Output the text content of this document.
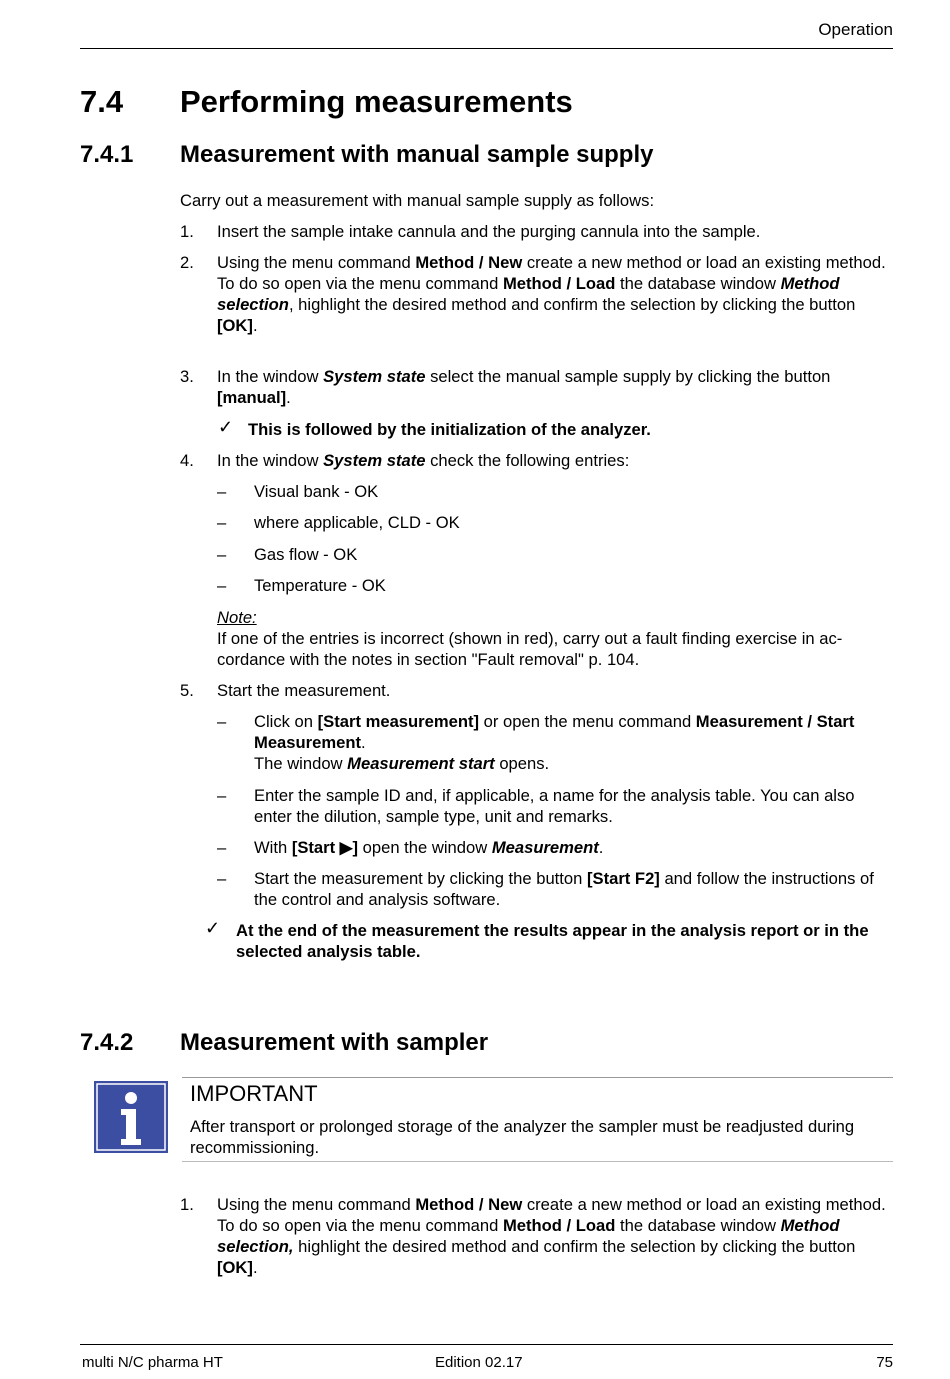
Operation
7.4 Performing measurements
7.4.1 Measurement with manual sample supply
Carry out a measurement with manual sample supply as follows:
1.	Insert the sample intake cannula and the purging cannula into the sample.
2.	Using the menu command Method / New create a new method or load an existing method.
To do so open via the menu command Method / Load the database window Method selection, highlight the desired method and confirm the selection by clicking the button [OK].
3.	In the window System state select the manual sample supply by clicking the button [manual].
✓ This is followed by the initialization of the analyzer.
4.	In the window System state check the following entries:
–	Visual bank - OK
–	where applicable, CLD - OK
–	Gas flow - OK
–	Temperature - OK
Note:
If one of the entries is incorrect (shown in red), carry out a fault finding exercise in ac-cordance with the notes in section "Fault removal" p. 104.
5.	Start the measurement.
–	Click on [Start measurement] or open the menu command Measurement / Start Measurement.
The window Measurement start opens.
–	Enter the sample ID and, if applicable, a name for the analysis table. You can also enter the dilution, sample type, unit and remarks.
–	With [Start ▶] open the window Measurement.
–	Start the measurement by clicking the button [Start F2] and follow the instructions of the control and analysis software.
✓ At the end of the measurement the results appear in the analysis report or in the selected analysis table.
7.4.2 Measurement with sampler
IMPORTANT
After transport or prolonged storage of the analyzer the sampler must be readjusted during recommissioning.
1.	Using the menu command Method / New create a new method or load an existing method.
To do so open via the menu command Method / Load the database window Method selection, highlight the desired method and confirm the selection by clicking the button [OK].
multi N/C pharma HT	Edition 02.17	75
